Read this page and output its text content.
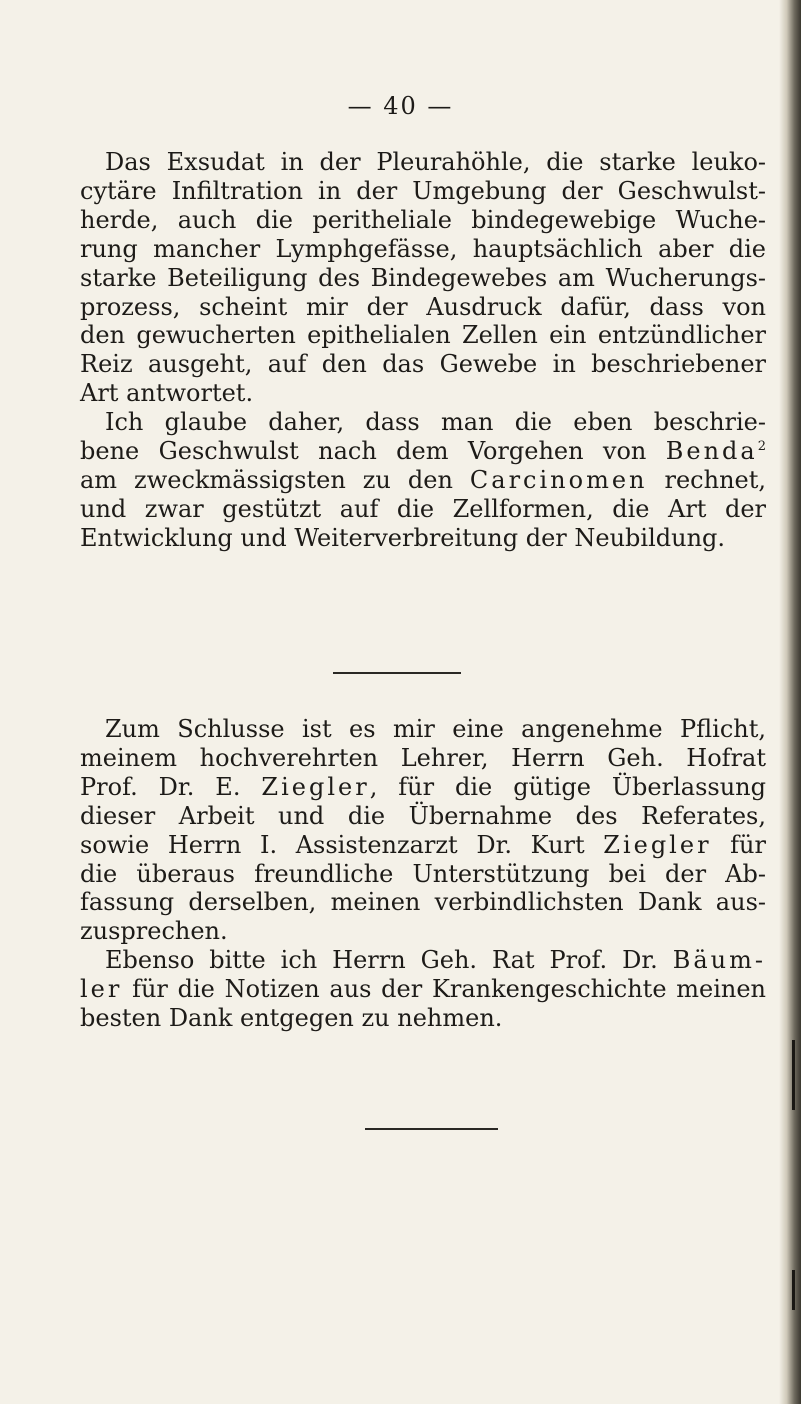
— 40 —
Das Exsudat in der Pleurahöhle, die starke leuko-
cytäre Infiltration in der Umgebung der Geschwulst-
herde, auch die peritheliale bindegewebige Wuche-
rung mancher Lymphgefässe, hauptsächlich aber die
starke Beteiligung des Bindegewebes am Wucherungs-
prozess, scheint mir der Ausdruck dafür, dass von
den gewucherten epithelialen Zellen ein entzündlicher
Reiz ausgeht, auf den das Gewebe in beschriebener
Art antwortet.
Ich glaube daher, dass man die eben beschrie-
bene Geschwulst nach dem Vorgehen von Benda$^2$
am zweckmässigsten zu den Carcinomen rechnet,
und zwar gestützt auf die Zellformen, die Art der
Entwicklung und Weiterverbreitung der Neubildung.
Zum Schlusse ist es mir eine angenehme Pflicht,
meinem hochverehrten Lehrer, Herrn Geh. Hofrat
Prof. Dr. E. Ziegler, für die gütige Überlassung
dieser Arbeit und die Übernahme des Referates,
sowie Herrn I. Assistenzarzt Dr. Kurt Ziegler für
die überaus freundliche Unterstützung bei der Ab-
fassung derselben, meinen verbindlichsten Dank aus-
zusprechen.
Ebenso bitte ich Herrn Geh. Rat Prof. Dr. Bäum-
ler für die Notizen aus der Krankengeschichte meinen
besten Dank entgegen zu nehmen.
